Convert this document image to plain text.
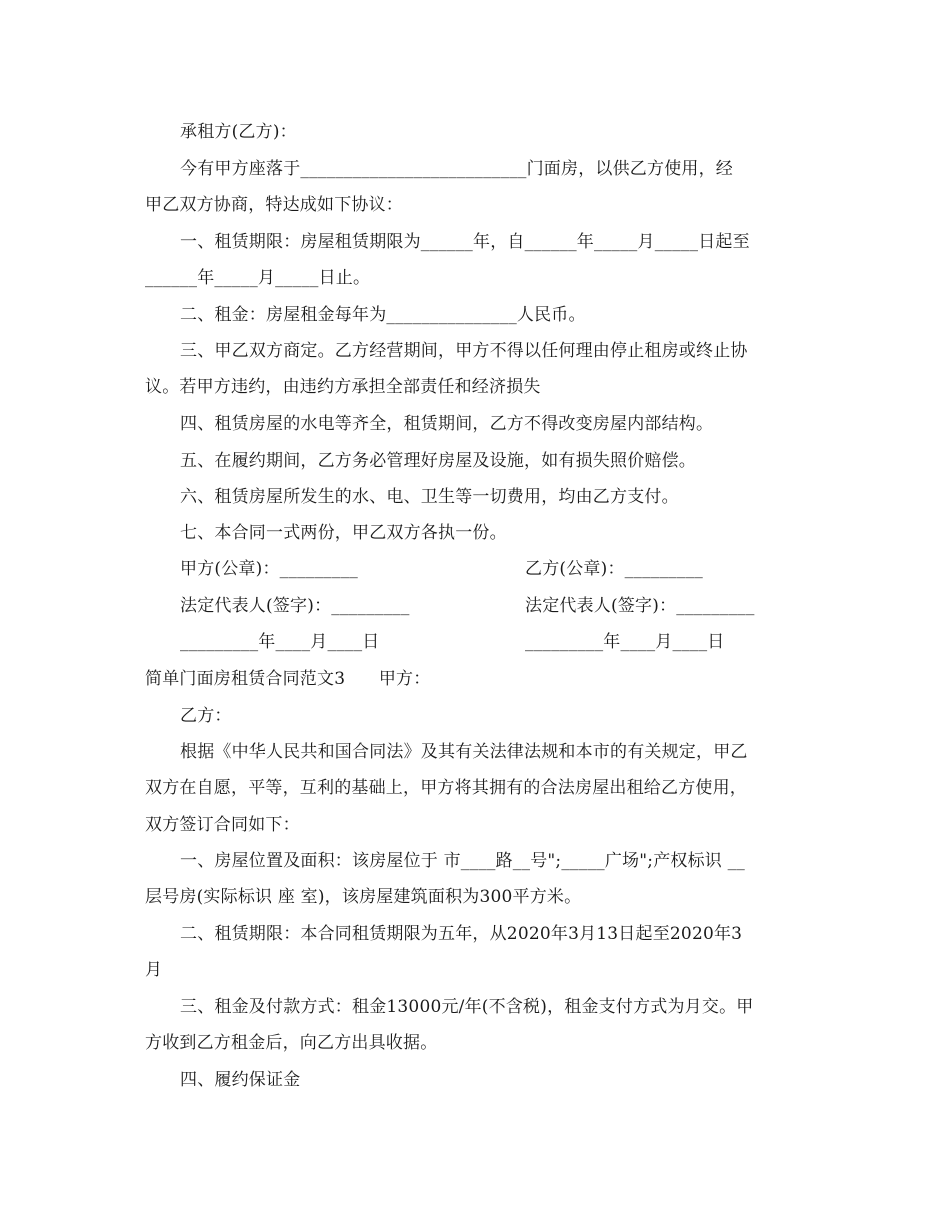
承租方(乙方)：
今有甲方座落于__________________________门面房，以供乙方使用，经
甲乙双方协商，特达成如下协议：
一、租赁期限：房屋租赁期限为______年，自______年_____月_____日起至
______年_____月_____日止。
二、租金：房屋租金每年为_______________人民币。
三、甲乙双方商定。乙方经营期间，甲方不得以任何理由停止租房或终止协
议。若甲方违约，由违约方承担全部责任和经济损失
四、租赁房屋的水电等齐全，租赁期间，乙方不得改变房屋内部结构。
五、在履约期间，乙方务必管理好房屋及设施，如有损失照价赔偿。
六、租赁房屋所发生的水、电、卫生等一切费用，均由乙方支付。
七、本合同一式两份，甲乙双方各执一份。
甲方(公章)：_________	乙方(公章)：_________
法定代表人(签字)：_________	法定代表人(签字)：_________
_________年____月____日	_________年____月____日
简单门面房租赁合同范文3      甲方：
乙方：
根据《中华人民共和国合同法》及其有关法律法规和本市的有关规定，甲乙
双方在自愿，平等，互利的基础上，甲方将其拥有的合法房屋出租给乙方使用，
双方签订合同如下：
一、房屋位置及面积：该房屋位于 市____路__号";_____广场";产权标识 __
层号房(实际标识 座 室)，该房屋建筑面积为300平方米。
二、租赁期限：本合同租赁期限为五年，从2020年3月13日起至2020年3
月
三、租金及付款方式：租金13000元/年(不含税)，租金支付方式为月交。甲
方收到乙方租金后，向乙方出具收据。
四、履约保证金
